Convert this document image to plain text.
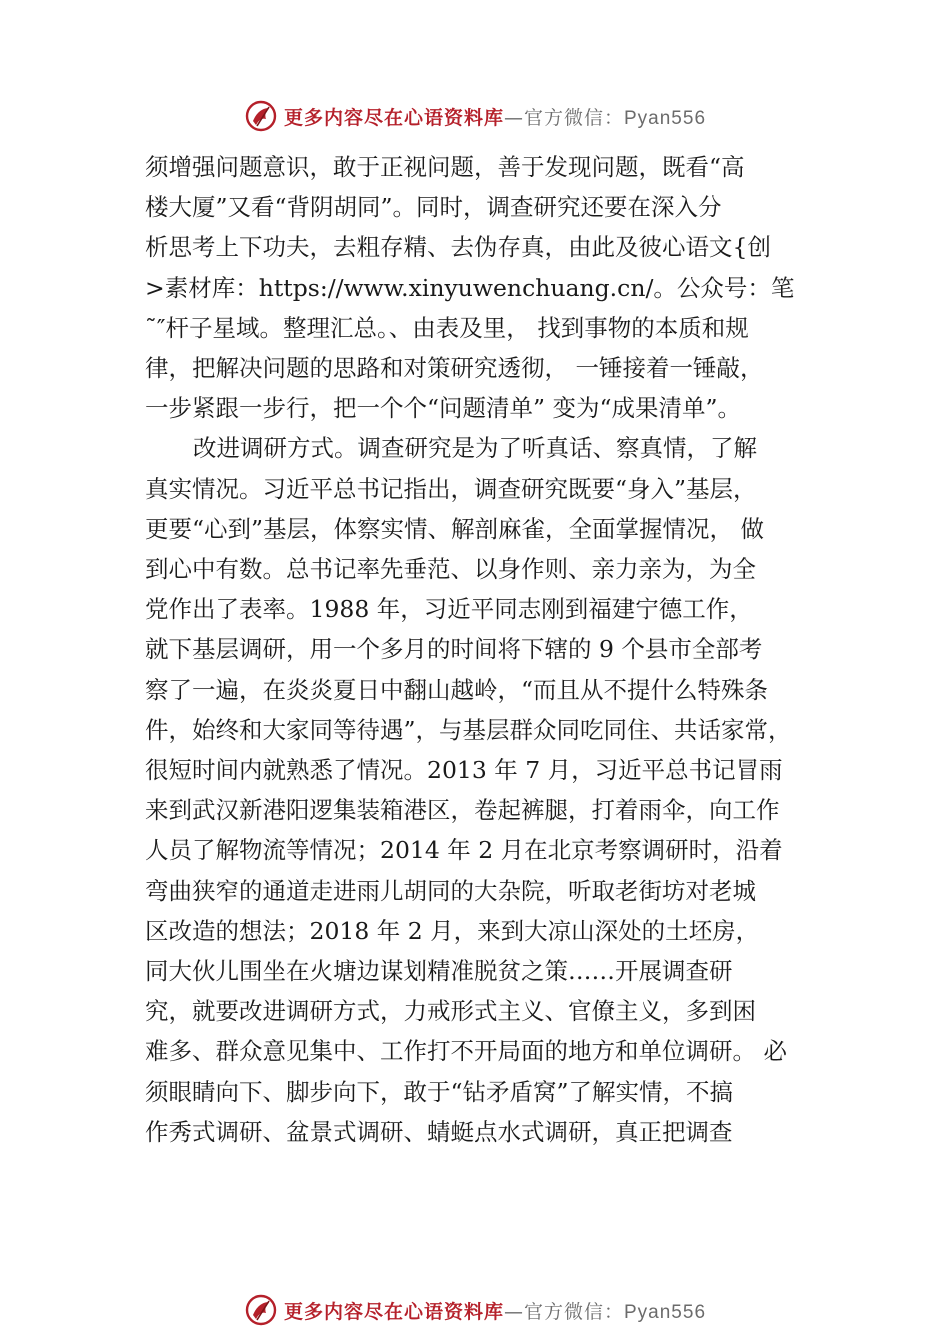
更多内容尽在心语资料库—官方微信：Pyan556

须增强问题意识，敢于正视问题，善于发现问题，既看“高
楼大厦”又看“背阴胡同”。同时，调查研究还要在深入分
析思考上下功夫，去粗存精、去伪存真，由此及彼心语文{创
>素材库：https://www.xinyuwenchuang.cn/。公众号：笔
˜″杆子星域。整理汇总。、由表及里， 找到事物的本质和规
律，把解决问题的思路和对策研究透彻， 一锤接着一锤敲，
一步紧跟一步行，把一个个“问题清单” 变为“成果清单”。

改进调研方式。调查研究是为了听真话、察真情，了解
真实情况。习近平总书记指出，调查研究既要“身入”基层，
更要“心到”基层，体察实情、解剖麻雀，全面掌握情况， 做
到心中有数。总书记率先垂范、以身作则、亲力亲为，为全
党作出了表率。1988 年，习近平同志刚到福建宁德工作，
就下基层调研，用一个多月的时间将下辖的 9 个县市全部考
察了一遍，在炎炎夏日中翻山越岭，“而且从不提什么特殊条
件，始终和大家同等待遇”，与基层群众同吃同住、共话家常，
很短时间内就熟悉了情况。2013 年 7 月，习近平总书记冒雨
来到武汉新港阳逻集装箱港区，卷起裤腿，打着雨伞，向工作
人员了解物流等情况；2014 年 2 月在北京考察调研时，沿着
弯曲狭窄的通道走进雨儿胡同的大杂院，听取老街坊对老城
区改造的想法；2018 年 2 月，来到大凉山深处的土坯房，
同大伙儿围坐在火塘边谋划精准脱贫之策……开展调查研
究，就要改进调研方式，力戒形式主义、官僚主义，多到困
难多、群众意见集中、工作打不开局面的地方和单位调研。 必
须眼睛向下、脚步向下，敢于“钻矛盾窝”了解实情，不搞
作秀式调研、盆景式调研、蜻蜓点水式调研，真正把调查

更多内容尽在心语资料库—官方微信：Pyan556
